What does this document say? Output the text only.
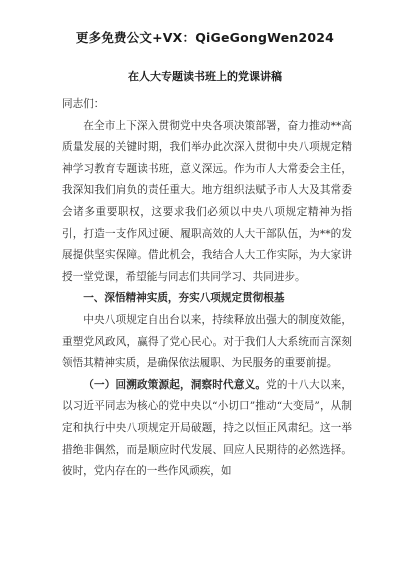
更多免费公文+VX：QiGeGongWen2024
在人大专题读书班上的党课讲稿

同志们：

在全市上下深入贯彻党中央各项决策部署，奋力推动**高质量发展的关键时期，我们举办此次深入贯彻中央八项规定精神学习教育专题读书班，意义深远。作为市人大常委会主任，我深知我们肩负的责任重大。地方组织法赋予市人大及其常委会诸多重要职权，这要求我们必须以中央八项规定精神为指引，打造一支作风过硬、履职高效的人大干部队伍，为**的发展提供坚实保障。借此机会，我结合人大工作实际，为大家讲授一堂党课，希望能与同志们共同学习、共同进步。

一、深悟精神实质，夯实八项规定贯彻根基

中央八项规定自出台以来，持续释放出强大的制度效能，重塑党风政风，赢得了党心民心。对于我们人大系统而言深刻领悟其精神实质，是确保依法履职、为民服务的重要前提。

（一）回溯政策源起，洞察时代意义。党的十八大以来，以习近平同志为核心的党中央以“小切口”推动“大变局”，从制定和执行中央八项规定开局破题，持之以恒正风肃纪。这一举措绝非偶然，而是顺应时代发展、回应人民期待的必然选择。彼时，党内存在的一些作风顽疾，如
